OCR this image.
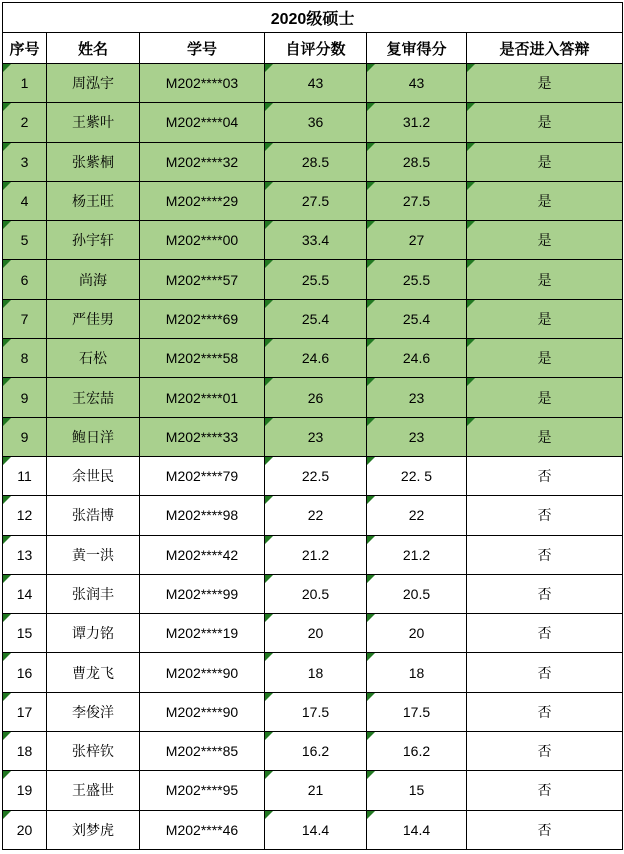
2020级硕士					
序号	姓名	学号	自评分数	复审得分	是否进入答辩
1	周泓宇	M202****03	43	43	是
2	王紫叶	M202****04	36	31.2	是
3	张紫桐	M202****32	28.5	28.5	是
4	杨王旺	M202****29	27.5	27.5	是
5	孙宇轩	M202****00	33.4	27	是
6	尚海	M202****57	25.5	25.5	是
7	严佳男	M202****69	25.4	25.4	是
8	石松	M202****58	24.6	24.6	是
9	王宏喆	M202****01	26	23	是
9	鲍日洋	M202****33	23	23	是
11	余世民	M202****79	22.5	22. 5	否
12	张浩博	M202****98	22	22	否
13	黄一洪	M202****42	21.2	21.2	否
14	张润丰	M202****99	20.5	20.5	否
15	谭力铭	M202****19	20	20	否
16	曹龙飞	M202****90	18	18	否
17	李俊洋	M202****90	17.5	17.5	否
18	张梓钦	M202****85	16.2	16.2	否
19	王盛世	M202****95	21	15	否
20	刘梦虎	M202****46	14.4	14.4	否
